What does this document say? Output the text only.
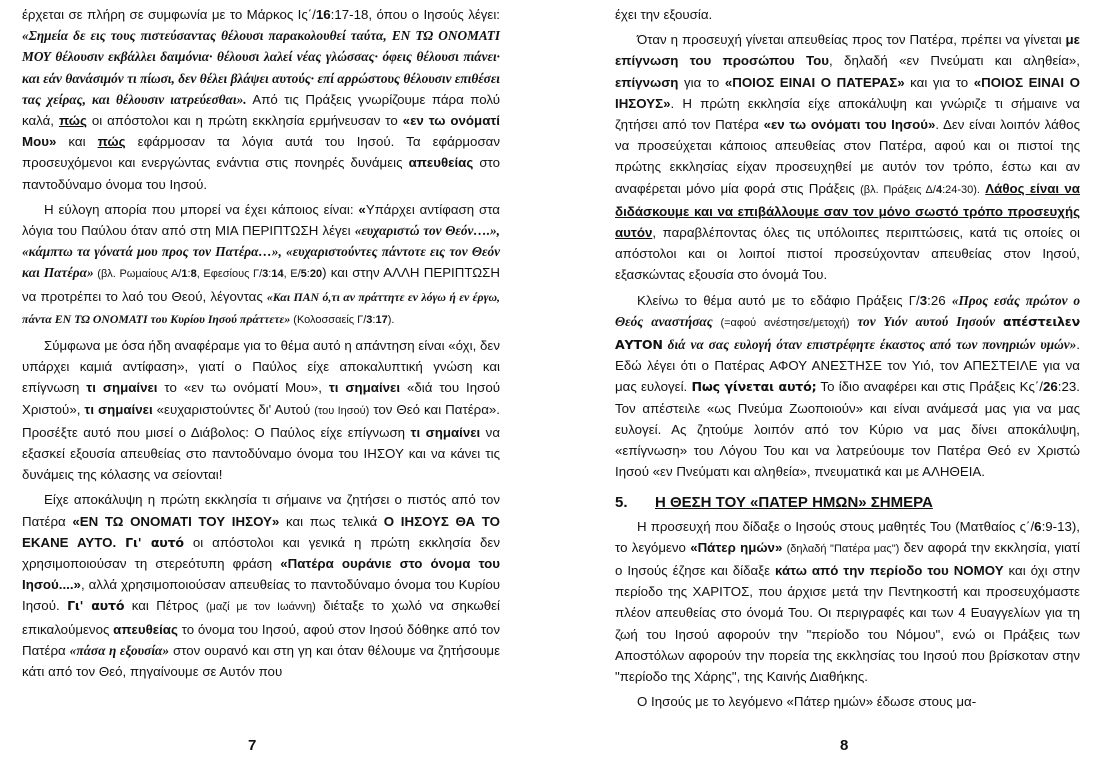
έρχεται σε πλήρη σε συμφωνία με το Μάρκος Ις΄/16:17-18, όπου ο Ιησούς λέγει: «Σημεία δε εις τους πιστεύσαντας θέλουσι παρακολουθεί ταύτα, ΕΝ ΤΩ ΟΝΟΜΑΤΙ ΜΟΥ θέλουσιν εκβάλλει δαιμόνια· θέλουσι λαλεί νέας γλώσσας· όφεις θέλουσι πιάνει· και εάν θανάσιμόν τι πίωσι, δεν θέλει βλάψει αυτούς· επί αρρώστους θέλουσιν επιθέσει τας χείρας, και θέλουσιν ιατρεύεσθαι». Από τις Πράξεις γνωρίζουμε πάρα πολύ καλά, πώς οι απόστολοι και η πρώτη εκκλησία ερμήνευσαν το «εν τω ονόματί Μου» και πώς εφάρμοσαν τα λόγια αυτά του Ιησού. Τα εφάρμοσαν προσευχόμενοι και ενεργώντας ενάντια στις πονηρές δυνάμεις απευθείας στο παντοδύναμο όνομα του Ιησού.

Η εύλογη απορία που μπορεί να έχει κάποιος είναι: «Υπάρχει αντίφαση στα λόγια του Παύλου όταν από στη ΜΙΑ ΠΕΡΙΠΤΩΣΗ λέγει «ευχαριστώ τον Θεόν….», «κάμπτω τα γόνατά μου προς τον Πατέρα…», «ευχαριστούντες πάντοτε εις τον Θεόν και Πατέρα» (βλ. Ρωμαίους Α/1:8, Εφεσίους Γ/3:14, Ε/5:20) και στην ΑΛΛΗ ΠΕΡΙΠΤΩΣΗ να προτρέπει το λαό του Θεού, λέγοντας «Και ΠΑΝ ό,τι αν πράττητε εν λόγω ή εν έργω, πάντα ΕΝ ΤΩ ΟΝΟΜΑΤΙ του Κυρίου Ιησού πράττετε» (Κολοσσαείς Γ/3:17).

Σύμφωνα με όσα ήδη αναφέραμε για το θέμα αυτό η απάντηση είναι «όχι, δεν υπάρχει καμιά αντίφαση», γιατί ο Παύλος είχε αποκαλυπτική γνώση και επίγνωση τι σημαίνει το «εν τω ονόματί Μου», τι σημαίνει «διά του Ιησού Χριστού», τι σημαίνει «ευχαριστούντες δι' Αυτού (του Ιησού) τον Θεό και Πατέρα». Προσέξτε αυτό που μισεί ο Διάβολος: Ο Παύλος είχε επίγνωση τι σημαίνει να εξασκεί εξουσία απευθείας στο παντοδύναμο όνομα του ΙΗΣΟΥ και να κάνει τις δυνάμεις της κόλασης να σείονται!

Είχε αποκάλυψη η πρώτη εκκλησία τι σήμαινε να ζητήσει ο πιστός από τον Πατέρα «ΕΝ ΤΩ ΟΝΟΜΑΤΙ ΤΟΥ ΙΗΣΟΥ» και πως τελικά Ο ΙΗΣΟΥΣ ΘΑ ΤΟ ΕΚΑΝΕ ΑΥΤΟ. Γι' αυτό οι απόστολοι και γενικά η πρώτη εκκλησία δεν χρησιμοποιούσαν τη στερεότυπη φράση «Πατέρα ουράνιε στο όνομα του Ιησού....», αλλά χρησιμοποιούσαν απευθείας το παντοδύναμο όνομα του Κυρίου Ιησού. Γι' αυτό και Πέτρος (μαζί με τον Ιωάννη) διέταξε το χωλό να σηκωθεί επικαλούμενος απευθείας το όνομα του Ιησού, αφού στον Ιησού δόθηκε από τον Πατέρα «πάσα η εξουσία» στον ουρανό και στη γη και όταν θέλουμε να ζητήσουμε κάτι από τον Θεό, πηγαίνουμε σε Αυτόν που

7

έχει την εξουσία.

Όταν η προσευχή γίνεται απευθείας προς τον Πατέρα, πρέπει να γίνεται με επίγνωση του προσώπου Του, δηλαδή «εν Πνεύματι και αληθεία», επίγνωση για το «ΠΟΙΟΣ ΕΙΝΑΙ Ο ΠΑΤΕΡΑΣ» και για το «ΠΟΙΟΣ ΕΙΝΑΙ Ο ΙΗΣΟΥΣ». Η πρώτη εκκλησία είχε αποκάλυψη και γνώριζε τι σήμαινε να ζητήσει από τον Πατέρα «εν τω ονόματι του Ιησού». Δεν είναι λοιπόν λάθος να προσεύχεται κάποιος απευθείας στον Πατέρα, αφού και οι πιστοί της πρώτης εκκλησίας είχαν προσευχηθεί με αυτόν τον τρόπο, έστω και αν αναφέρεται μόνο μία φορά στις Πράξεις (βλ. Πράξεις Δ/4:24-30). Λάθος είναι να διδάσκουμε και να επιβάλλουμε σαν τον μόνο σωστό τρόπο προσευχής αυτόν, παραβλέποντας όλες τις υπόλοιπες περιπτώσεις, κατά τις οποίες οι απόστολοι και οι λοιποί πιστοί προσεύχονταν απευθείας στον Ιησού, εξασκώντας εξουσία στο όνομά Του.

Κλείνω το θέμα αυτό με το εδάφιο Πράξεις Γ/3:26 «Προς εσάς πρώτον ο Θεός αναστήσας (=αφού ανέστησε/μετοχή) τον Υιόν αυτού Ιησούν απέστειλεν ΑΥΤΟΝ διά να σας ευλογή όταν επιστρέφητε έκαστος από των πονηριών υμών». Εδώ λέγει ότι ο Πατέρας ΑΦΟΥ ΑΝΕΣΤΗΣΕ τον Υιό, τον ΑΠΕΣΤΕΙΛΕ για να μας ευλογεί. Πως γίνεται αυτό; Το ίδιο αναφέρει και στις Πράξεις Κς΄/26:23. Τον απέστειλε «ως Πνεύμα Ζωοποιούν» και είναι ανάμεσά μας για να μας ευλογεί. Ας ζητούμε λοιπόν από τον Κύριο να μας δίνει αποκάλυψη, «επίγνωση» του Λόγου Του και να λατρεύουμε τον Πατέρα Θεό εν Χριστώ Ιησού «εν Πνεύματι και αληθεία», πνευματικά και με ΑΛΗΘΕΙΑ.

5.	Η ΘΕΣΗ ΤΟΥ «ΠΑΤΕΡ ΗΜΩΝ» ΣΗΜΕΡΑ

Η προσευχή που δίδαξε ο Ιησούς στους μαθητές Του (Ματθαίος ς΄/6:9-13), το λεγόμενο «Πάτερ ημών» (δηλαδή "Πατέρα μας") δεν αφορά την εκκλησία, γιατί ο Ιησούς έζησε και δίδαξε κάτω από την περίοδο του ΝΟΜΟΥ και όχι στην περίοδο της ΧΑΡΙΤΟΣ, που άρχισε μετά την Πεντηκοστή και προσευχόμαστε πλέον απευθείας στο όνομά Του. Οι περιγραφές και των 4 Ευαγγελίων για τη ζωή του Ιησού αφορούν την "περίοδο του Νόμου", ενώ οι Πράξεις των Αποστόλων αφορούν την πορεία της εκκλησίας του Ιησού που βρίσκοταν στην "περίοδο της Χάρης", της Καινής Διαθήκης.

Ο Ιησούς με το λεγόμενο «Πάτερ ημών» έδωσε στους μα-

8
